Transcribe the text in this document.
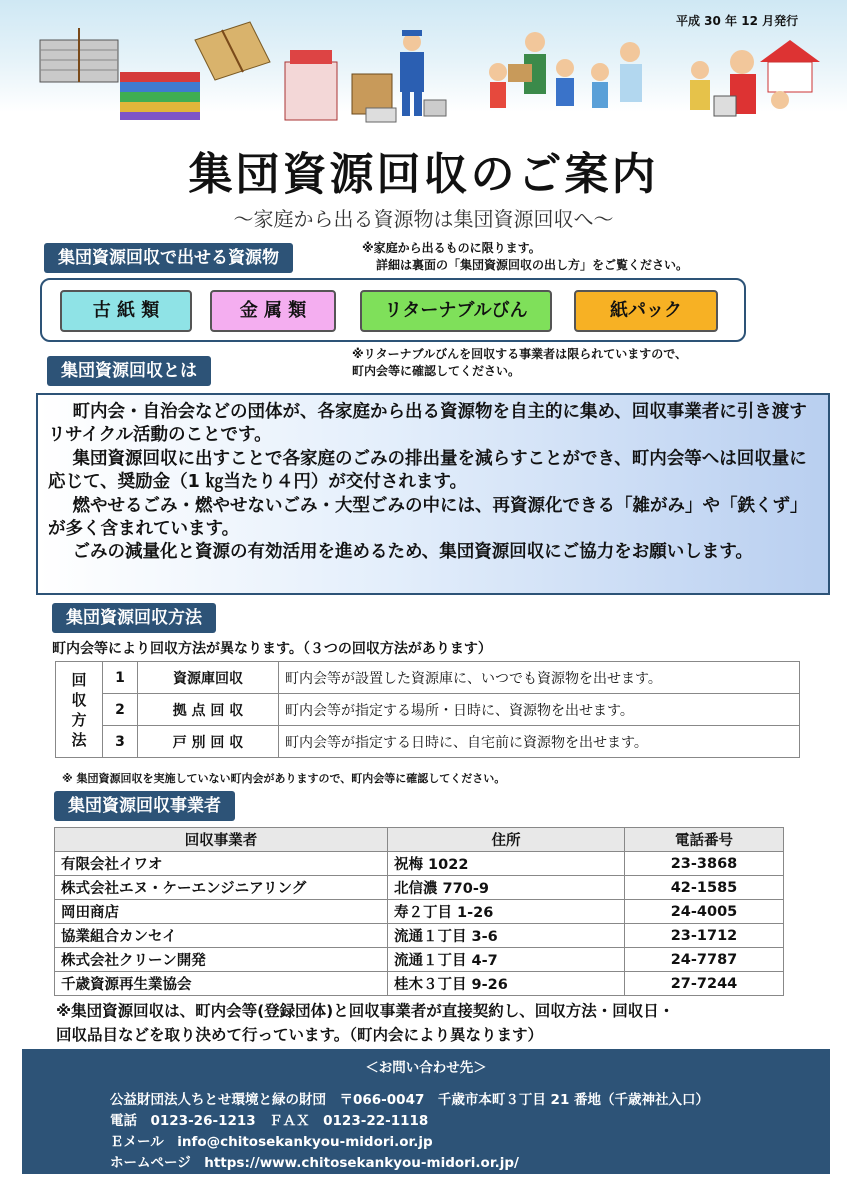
平成 30 年 12 月発行
集団資源回収のご案内
～家庭から出る資源物は集団資源回収へ～
集団資源回収で出せる資源物	※家庭から出るものに限ります。
詳細は裏面の「集団資源回収の出し方」をご覧ください。
古 紙 類	金 属 類	リターナブルびん	紙パック
※リターナブルびんを回収する事業者は限られていますので、
町内会等に確認してください。
集団資源回収とは

町内会・自治会などの団体が、各家庭から出る資源物を自主的に集め、回収事業者に引き渡すリサイクル活動のことです。

集団資源回収に出すことで各家庭のごみの排出量を減らすことができ、町内会等へは回収量に応じて、奨励金（1 ㎏当たり４円）が交付されます。

燃やせるごみ・燃やせないごみ・大型ごみの中には、再資源化できる「雑がみ」や「鉄くず」が多く含まれています。

ごみの減量化と資源の有効活用を進めるため、集団資源回収にご協力をお願いします。

集団資源回収方法
町内会等により回収方法が異なります。（３つの回収方法があります）
回収方法	1	資源庫回収	町内会等が設置した資源庫に、いつでも資源物を出せます。
	2	拠 点 回 収	町内会等が指定する場所・日時に、資源物を出せます。
	3	戸 別 回 収	町内会等が指定する日時に、自宅前に資源物を出せます。
※ 集団資源回収を実施していない町内会がありますので、町内会等に確認してください。
集団資源回収事業者
回収事業者	住所	電話番号
有限会社イワオ	祝梅 1022	23-3868
株式会社エヌ・ケーエンジニアリング	北信濃 770-9	42-1585
岡田商店	寿２丁目 1-26	24-4005
協業組合カンセイ	流通１丁目 3-6	23-1712
株式会社クリーン開発	流通１丁目 4-7	24-7787
千歳資源再生業協会	桂木３丁目 9-26	27-7244
※集団資源回収は、町内会等(登録団体)と回収事業者が直接契約し、回収方法・回収日・
回収品目などを取り決めて行っています。（町内会により異なります）
＜お問い合わせ先＞
公益財団法人ちとせ環境と緑の財団　〒066-0047　千歳市本町３丁目 21 番地（千歳神社入口）
電話　0123-26-1213　ＦＡＸ　0123-22-1118
Ｅメール　info@chitosekankyou-midori.or.jp
ホームページ　https://www.chitosekankyou-midori.or.jp/
